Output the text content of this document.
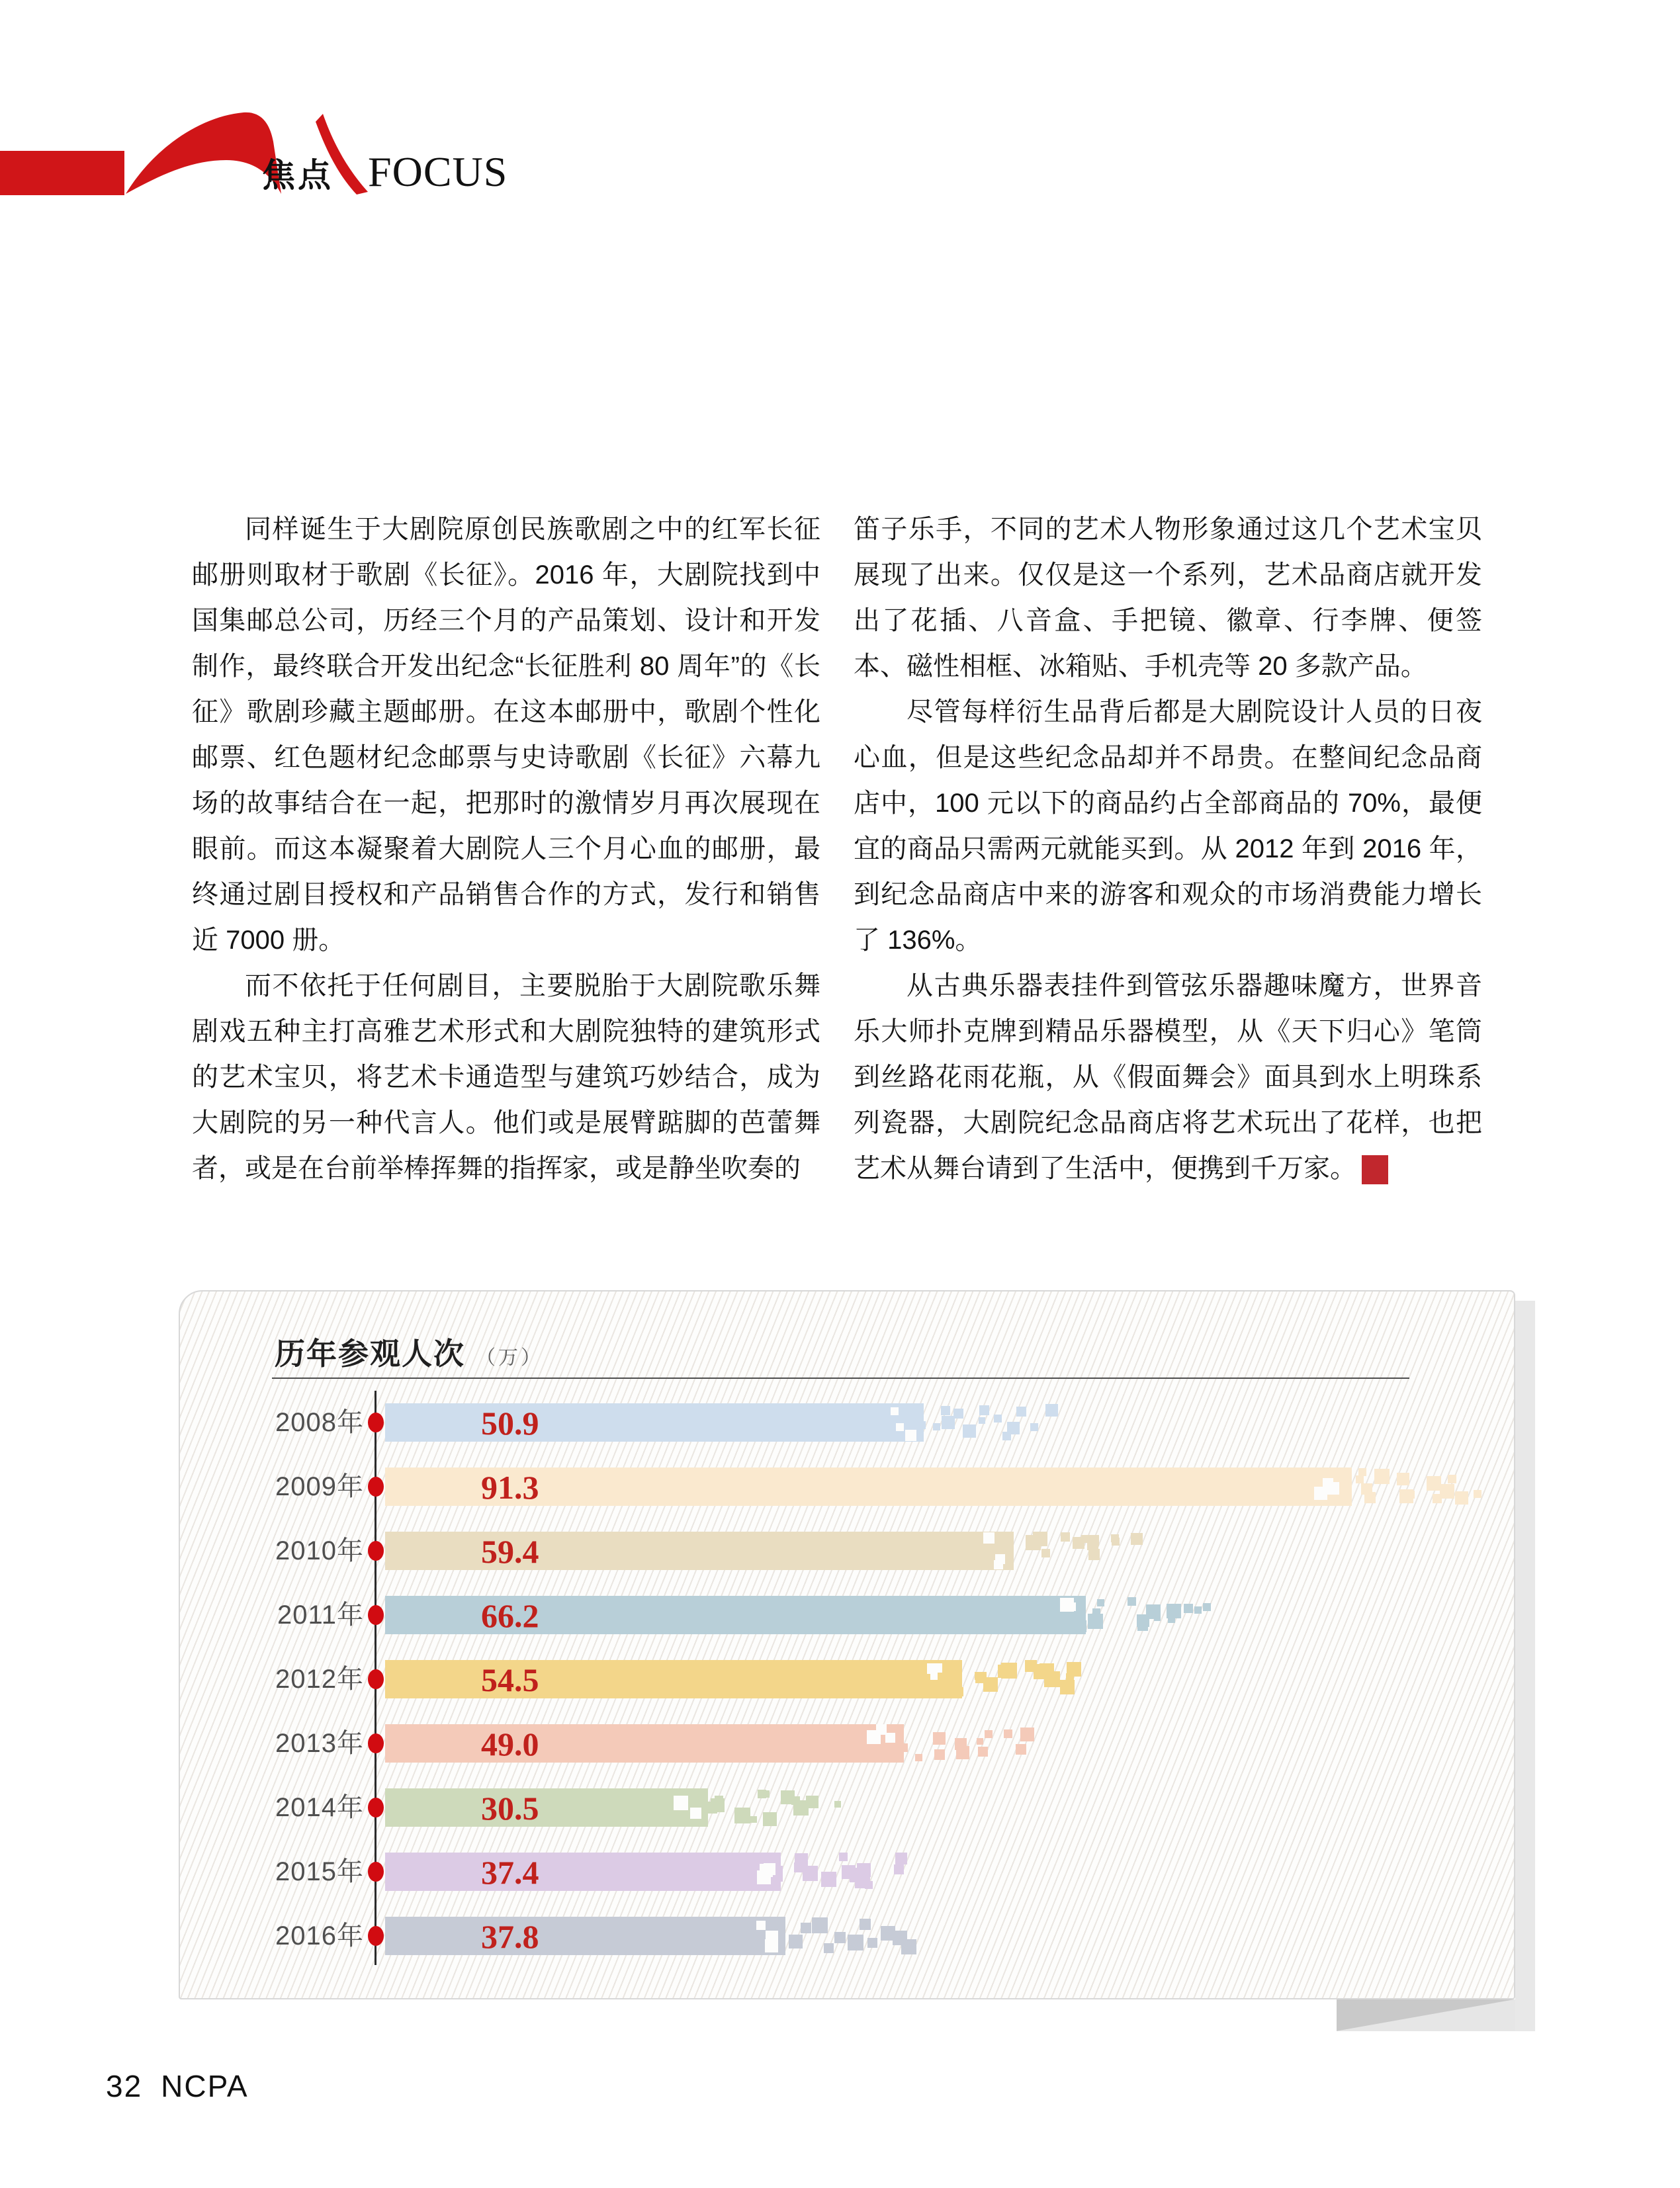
焦点 FOCUS

同样诞生于大剧院原创民族歌剧之中的红军长征邮册则取材于歌剧《长征》。2016 年，大剧院找到中国集邮总公司，历经三个月的产品策划、设计和开发制作，最终联合开发出纪念“长征胜利 80 周年”的《长征》歌剧珍藏主题邮册。在这本邮册中，歌剧个性化邮票、红色题材纪念邮票与史诗歌剧《长征》六幕九场的故事结合在一起，把那时的激情岁月再次展现在眼前。而这本凝聚着大剧院人三个月心血的邮册，最终通过剧目授权和产品销售合作的方式，发行和销售近 7000 册。

而不依托于任何剧目，主要脱胎于大剧院歌乐舞剧戏五种主打高雅艺术形式和大剧院独特的建筑形式的艺术宝贝，将艺术卡通造型与建筑巧妙结合，成为大剧院的另一种代言人。他们或是展臂踮脚的芭蕾舞者，或是在台前举棒挥舞的指挥家，或是静坐吹奏的

笛子乐手，不同的艺术人物形象通过这几个艺术宝贝展现了出来。仅仅是这一个系列，艺术品商店就开发出了花插、八音盒、手把镜、徽章、行李牌、便签本、磁性相框、冰箱贴、手机壳等 20 多款产品。

尽管每样衍生品背后都是大剧院设计人员的日夜心血，但是这些纪念品却并不昂贵。在整间纪念品商店中，100 元以下的商品约占全部商品的 70%，最便宜的商品只需两元就能买到。从 2012 年到 2016 年，到纪念品商店中来的游客和观众的市场消费能力增长了 136%。

从古典乐器表挂件到管弦乐器趣味魔方，世界音乐大师扑克牌到精品乐器模型，从《天下归心》笔筒到丝路花雨花瓶，从《假面舞会》面具到水上明珠系列瓷器，大剧院纪念品商店将艺术玩出了花样，也把艺术从舞台请到了生活中，便携到千万家。	NC
PA

历年参观人次 （万）
2008年	50.9
2009年	91.3
2010年	59.4
2011年	66.2
2012年	54.5
2013年	49.0
2014年	30.5
2015年	37.4
2016年	37.8
32 NCPA
